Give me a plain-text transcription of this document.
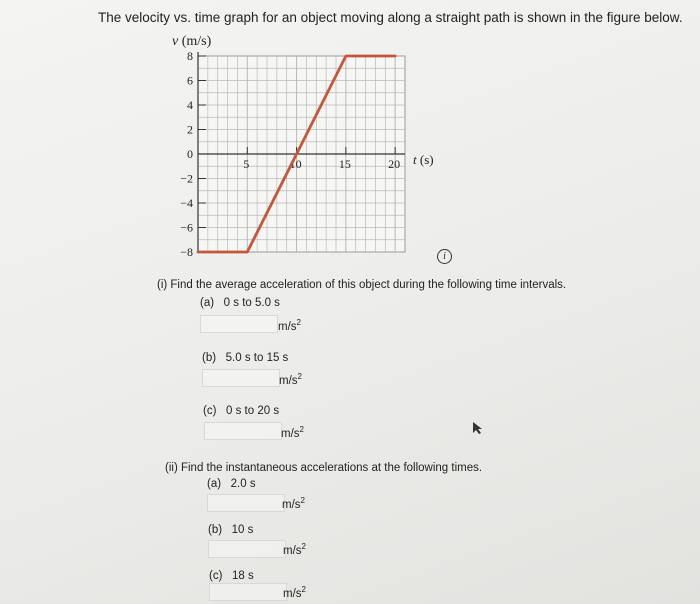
The velocity vs. time graph for an object moving along a straight path is shown in the figure below.
v (m/s)
8
6
4
2
0
−2
−4
−6
−8
5	10	15	20 t (s)
i
(i) Find the average acceleration of this object during the following time intervals.
(a) 0 s to 5.0 s
$m/s^2$
(b) 5.0 s to 15 s
$m/s^2$
(c) 0 s to 20 s
$m/s^2$
(ii) Find the instantaneous accelerations at the following times.
(a) 2.0 s
$m/s^2$
(b) 10 s
$m/s^2$
(c) 18 s
$m/s^2$
